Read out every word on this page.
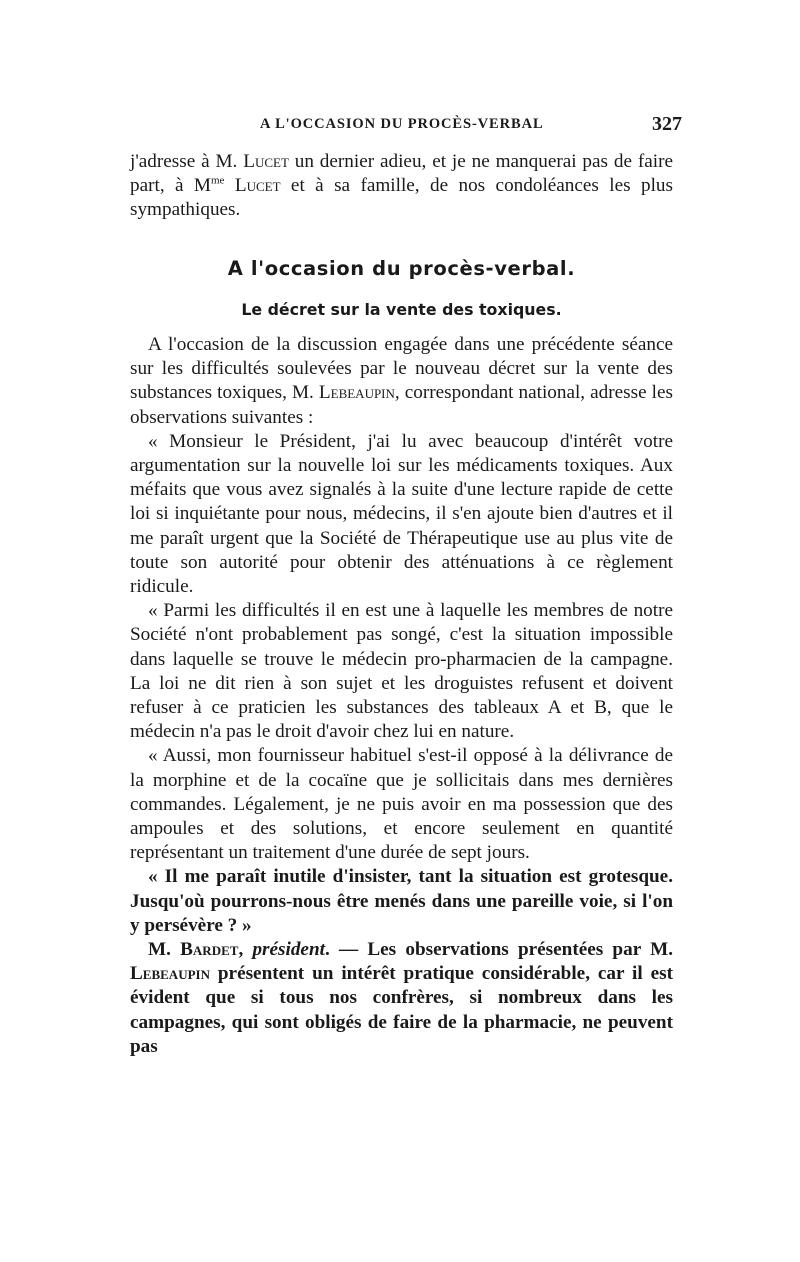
A L'OCCASION DU PROCÈS-VERBAL	327

j'adresse à M. Lucet un dernier adieu, et je ne manquerai pas de faire part, à $M^{me}$ Lucet et à sa famille, de nos condoléances les plus sympathiques.

A l'occasion du procès-verbal.
Le décret sur la vente des toxiques.

A l'occasion de la discussion engagée dans une précédente séance sur les difficultés soulevées par le nouveau décret sur la vente des substances toxiques, M. Lebeaupin, correspondant national, adresse les observations suivantes :

« Monsieur le Président, j'ai lu avec beaucoup d'intérêt votre argumentation sur la nouvelle loi sur les médicaments toxiques. Aux méfaits que vous avez signalés à la suite d'une lecture rapide de cette loi si inquiétante pour nous, médecins, il s'en ajoute bien d'autres et il me paraît urgent que la Société de Thérapeutique use au plus vite de toute son autorité pour obtenir des atténuations à ce règlement ridicule.

« Parmi les difficultés il en est une à laquelle les membres de notre Société n'ont probablement pas songé, c'est la situation impossible dans laquelle se trouve le médecin pro-pharmacien de la campagne. La loi ne dit rien à son sujet et les droguistes refusent et doivent refuser à ce praticien les substances des tableaux A et B, que le médecin n'a pas le droit d'avoir chez lui en nature.

« Aussi, mon fournisseur habituel s'est-il opposé à la délivrance de la morphine et de la cocaïne que je sollicitais dans mes dernières commandes. Légalement, je ne puis avoir en ma possession que des ampoules et des solutions, et encore seulement en quantité représentant un traitement d'une durée de sept jours.

« Il me paraît inutile d'insister, tant la situation est grotesque. Jusqu'où pourrons-nous être menés dans une pareille voie, si l'on y persévère ? »

M. Bardet, président. — Les observations présentées par M. Lebeaupin présentent un intérêt pratique considérable, car il est évident que si tous nos confrères, si nombreux dans les campagnes, qui sont obligés de faire de la pharmacie, ne peuvent pas
